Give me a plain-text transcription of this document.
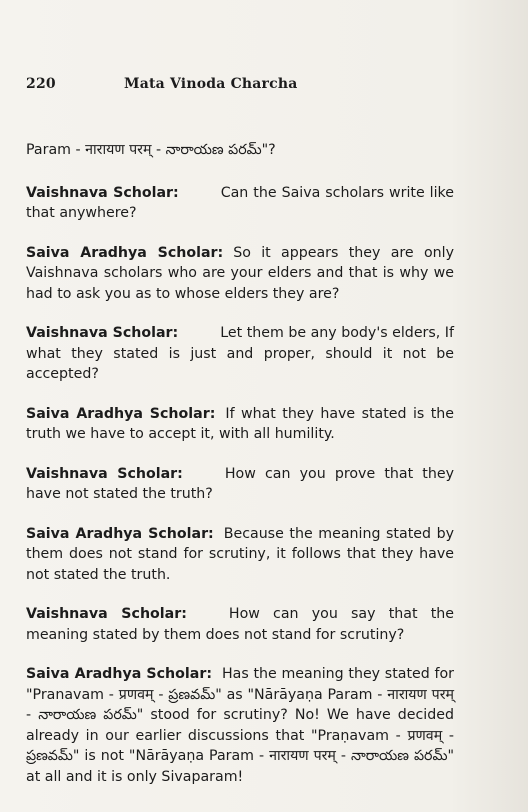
220	Mata Vinoda Charcha

Param - नारायण परम् - నారాయణ పరమ్"?

Vaishnava Scholar:	Can the Saiva scholars write like that anywhere?

Saiva Aradhya Scholar: So it appears they are only Vaishnava scholars who are your elders and that is why we had to ask you as to whose elders they are?

Vaishnava Scholar:	Let them be any body's elders, If what they stated is just and proper, should it not be accepted?

Saiva Aradhya Scholar: If what they have stated is the truth we have to accept it, with all humility.

Vaishnava Scholar:	How can you prove that they have not stated the truth?

Saiva Aradhya Scholar: Because the meaning stated by them does not stand for scrutiny, it follows that they have not stated the truth.

Vaishnava Scholar:	How can you say that the meaning stated by them does not stand for scrutiny?

Saiva Aradhya Scholar: Has the meaning they stated for "Pranavam - प्रणवम् - ప్రణవమ్" as "Nārāyaṇa Param - नारायण परम् - నారాయణ పరమ్" stood for scrutiny? No! We have decided already in our earlier discussions that "Praṇavam - प्रणवम् - ప్రణవమ్" is not "Nārāyaṇa Param - नारायण परम् - నారాయణ పరమ్" at all and it is only Sivaparam!
